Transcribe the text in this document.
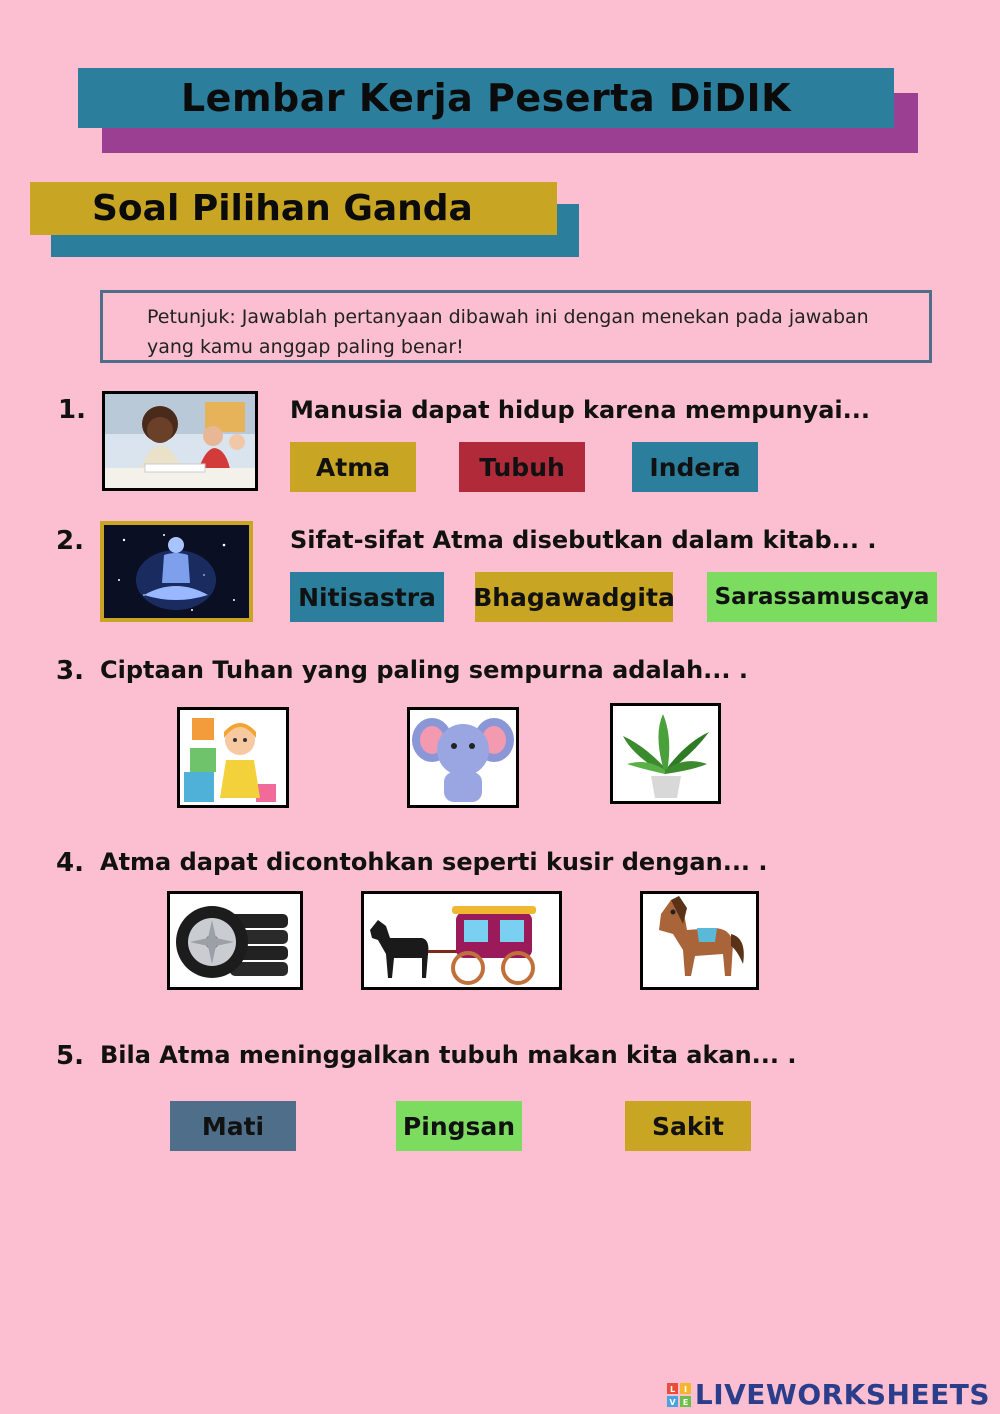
Lembar Kerja Peserta DiDIK
Soal Pilihan Ganda
Petunjuk: Jawablah pertanyaan dibawah ini dengan menekan pada jawaban yang kamu anggap paling benar!
1.	Manusia dapat hidup karena mempunyai...
Atma	Tubuh	Indera
2.	Sifat-sifat Atma disebutkan dalam kitab... .
Nitisastra	Bhagawadgita	Sarassamuscaya
3. Ciptaan Tuhan yang paling sempurna adalah... .
4. Atma dapat dicontohkan seperti kusir dengan... .
5. Bila Atma meninggalkan tubuh makan kita akan... .
Mati	Pingsan	Sakit
L I
V E LIVEWORKSHEETS
